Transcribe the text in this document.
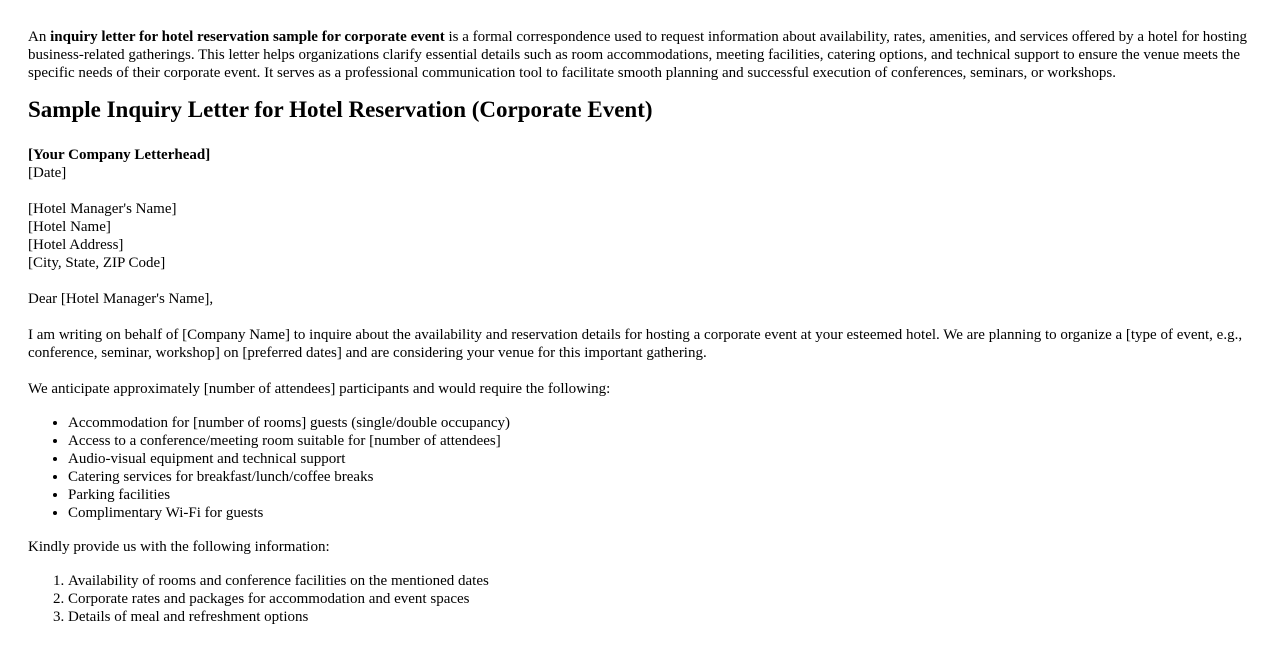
An inquiry letter for hotel reservation sample for corporate event is a formal correspondence used to request information about availability, rates, amenities, and services offered by a hotel for hosting business-related gatherings. This letter helps organizations clarify essential details such as room accommodations, meeting facilities, catering options, and technical support to ensure the venue meets the specific needs of their corporate event. It serves as a professional communication tool to facilitate smooth planning and successful execution of conferences, seminars, or workshops.

Sample Inquiry Letter for Hotel Reservation (Corporate Event)
[Your Company Letterhead]
[Date]
[Hotel Manager's Name]
[Hotel Name]
[Hotel Address]
[City, State, ZIP Code]

Dear [Hotel Manager's Name],

I am writing on behalf of [Company Name] to inquire about the availability and reservation details for hosting a corporate event at your esteemed hotel. We are planning to organize a [type of event, e.g., conference, seminar, workshop] on [preferred dates] and are considering your venue for this important gathering.

We anticipate approximately [number of attendees] participants and would require the following:

• Accommodation for [number of rooms] guests (single/double occupancy)
• Access to a conference/meeting room suitable for [number of attendees]
• Audio-visual equipment and technical support
• Catering services for breakfast/lunch/coffee breaks
• Parking facilities
• Complimentary Wi-Fi for guests

Kindly provide us with the following information:

1. Availability of rooms and conference facilities on the mentioned dates
2. Corporate rates and packages for accommodation and event spaces
3. Details of meal and refreshment options
